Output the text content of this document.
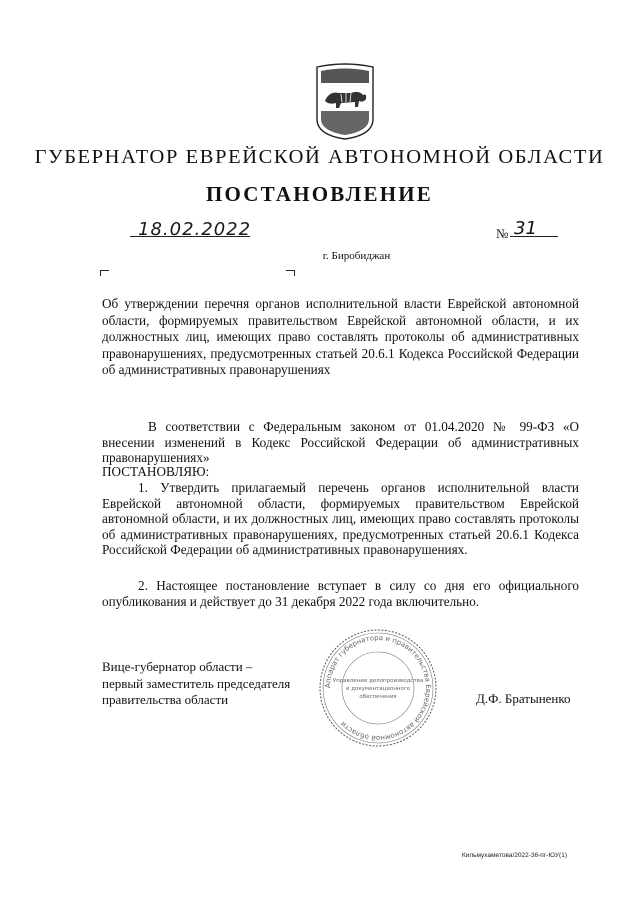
ГУБЕРНАТОР ЕВРЕЙСКОЙ АВТОНОМНОЙ ОБЛАСТИ
ПОСТАНОВЛЕНИЕ
18.02.2022	№ 31
г. Биробиджан
Об утверждении перечня органов исполнительной власти Еврейской автономной области, формируемых правительством Еврейской автономной области, и их должностных лиц, имеющих право составлять протоколы об административных правонарушениях, предусмотренных статьей 20.6.1 Кодекса Российской Федерации об административных правонарушениях
В соответствии с Федеральным законом от 01.04.2020 № 99-ФЗ «О внесении изменений в Кодекс Российской Федерации об административных правонарушениях»
ПОСТАНОВЛЯЮ:
1. Утвердить прилагаемый перечень органов исполнительной власти Еврейской автономной области, формируемых правительством Еврейской автономной области, и их должностных лиц, имеющих право составлять протоколы об административных правонарушениях, предусмотренных статьей 20.6.1 Кодекса Российской Федерации об административных правонарушениях.
2. Настоящее постановление вступает в силу со дня его официального опубликования и действует до 31 декабря 2022 года включительно.
Вице-губернатор области –
первый заместитель председателя
правительства области	Д.Ф. Братыненко
Аппарат губернатора и правительства Еврейской автономной области
Управление делопроизводства
и документационного
обеспечения
Кильмухаметова/2022-36-пг-ЮУ(1)
